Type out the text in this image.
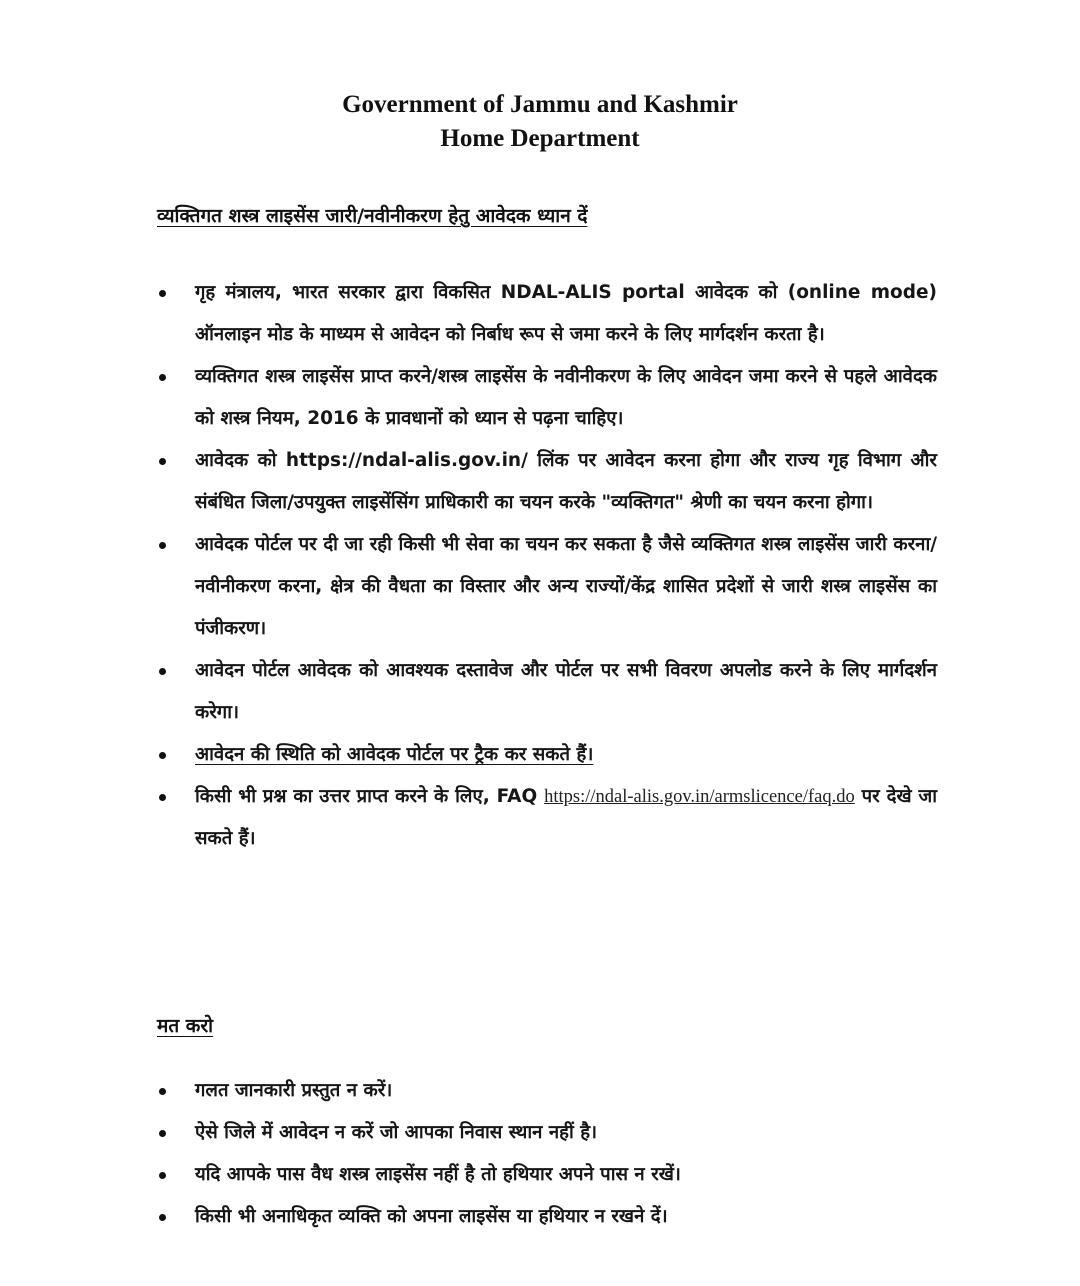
Government of Jammu and Kashmir
Home Department
व्यक्तिगत शस्त्र लाइसेंस जारी/नवीनीकरण हेतु आवेदक ध्यान दें
गृह मंत्रालय, भारत सरकार द्वारा विकसित NDAL-ALIS portal आवेदक को (online mode) ऑनलाइन मोड के माध्यम से आवेदन को निर्बाध रूप से जमा करने के लिए मार्गदर्शन करता है।
व्यक्तिगत शस्त्र लाइसेंस प्राप्त करने/शस्त्र लाइसेंस के नवीनीकरण के लिए आवेदन जमा करने से पहले आवेदक को शस्त्र नियम, 2016 के प्रावधानों को ध्यान से पढ़ना चाहिए।
आवेदक को https://ndal-alis.gov.in/ लिंक पर आवेदन करना होगा और राज्य गृह विभाग और संबंधित जिला/उपयुक्त लाइसेंसिंग प्राधिकारी का चयन करके "व्यक्तिगत" श्रेणी का चयन करना होगा।
आवेदक पोर्टल पर दी जा रही किसी भी सेवा का चयन कर सकता है जैसे व्यक्तिगत शस्त्र लाइसेंस जारी करना/नवीनीकरण करना, क्षेत्र की वैधता का विस्तार और अन्य राज्यों/केंद्र शासित प्रदेशों से जारी शस्त्र लाइसेंस का पंजीकरण।
आवेदन पोर्टल आवेदक को आवश्यक दस्तावेज और पोर्टल पर सभी विवरण अपलोड करने के लिए मार्गदर्शन करेगा।
आवेदन की स्थिति को आवेदक पोर्टल पर ट्रैक कर सकते हैं।
किसी भी प्रश्न का उत्तर प्राप्त करने के लिए, FAQ https://ndal-alis.gov.in/armslicence/faq.do पर देखे जा सकते हैं।
मत करो
गलत जानकारी प्रस्तुत न करें।
ऐसे जिले में आवेदन न करें जो आपका निवास स्थान नहीं है।
यदि आपके पास वैध शस्त्र लाइसेंस नहीं है तो हथियार अपने पास न रखें।
किसी भी अनाधिकृत व्यक्ति को अपना लाइसेंस या हथियार न रखने दें।
